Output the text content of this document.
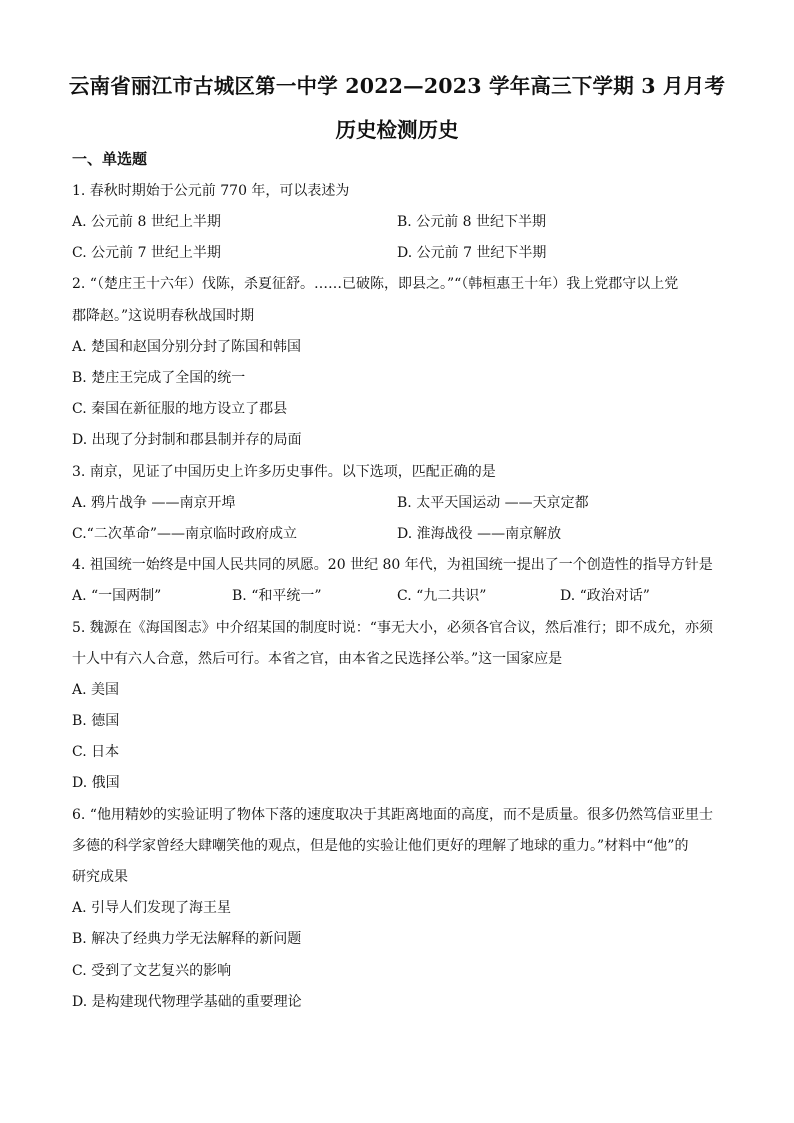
云南省丽江市古城区第一中学 2022—2023 学年高三下学期 3 月月考
历史检测历史
一、单选题
1. 春秋时期始于公元前 770 年，可以表述为
A. 公元前 8 世纪上半期	B. 公元前 8 世纪下半期
C. 公元前 7 世纪上半期	D. 公元前 7 世纪下半期
2. “（楚庄王十六年）伐陈，杀夏征舒。……已破陈，即县之。”“（韩桓惠王十年）我上党郡守以上党
郡降赵。”这说明春秋战国时期
A. 楚国和赵国分别分封了陈国和韩国
B. 楚庄王完成了全国的统一
C. 秦国在新征服的地方设立了郡县
D. 出现了分封制和郡县制并存的局面
3. 南京，见证了中国历史上许多历史事件。以下选项，匹配正确的是
A. 鸦片战争 ——南京开埠	B. 太平天国运动 ——天京定都
C.“二次革命”——南京临时政府成立	D. 淮海战役 ——南京解放
4. 祖国统一始终是中国人民共同的夙愿。20 世纪 80 年代，为祖国统一提出了一个创造性的指导方针是
A. “一国两制”	B. “和平统一”	C. “九二共识”	D. “政治对话”
5. 魏源在《海国图志》中介绍某国的制度时说：“事无大小，必须各官合议，然后准行；即不成允，亦须
十人中有六人合意，然后可行。本省之官，由本省之民选择公举。”这一国家应是
A. 美国
B. 德国
C. 日本
D. 俄国
6. “他用精妙的实验证明了物体下落的速度取决于其距离地面的高度，而不是质量。很多仍然笃信亚里士
多德的科学家曾经大肆嘲笑他的观点，但是他的实验让他们更好的理解了地球的重力。”材料中“他”的
研究成果
A. 引导人们发现了海王星
B. 解决了经典力学无法解释的新问题
C. 受到了文艺复兴的影响
D. 是构建现代物理学基础的重要理论
